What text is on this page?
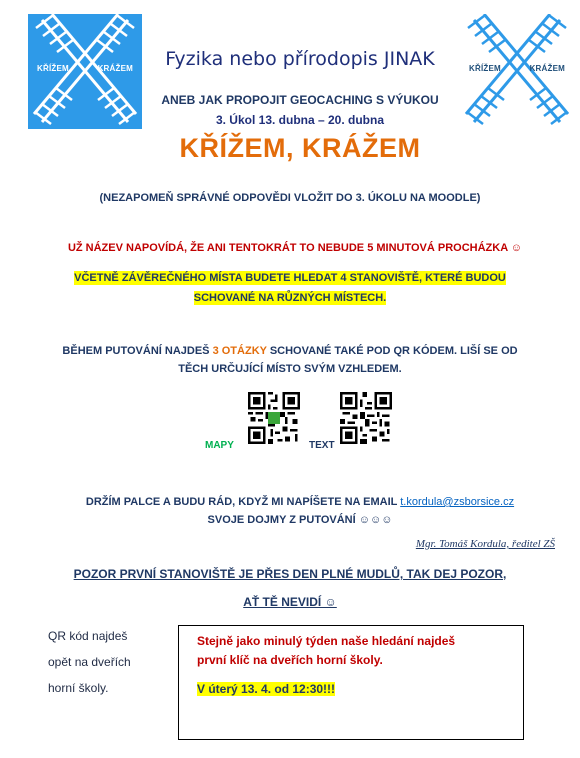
KŘÍŽEM	KRÁŽEM	KŘÍŽEM	KRÁŽEM
Fyzika nebo přírodopis JINAK
ANEB JAK PROPOJIT GEOCACHING S VÝUKOU
3. Úkol 13. dubna – 20. dubna
KŘÍŽEM, KRÁŽEM
(NEZAPOMEŇ SPRÁVNÉ ODPOVĚDI VLOŽIT DO 3. ÚKOLU NA MOODLE)
UŽ NÁZEV NAPOVÍDÁ, ŽE ANI TENTOKRÁT TO NEBUDE 5 MINUTOVÁ PROCHÁZKA ☺
VČETNĚ ZÁVĚREČNÉHO MÍSTA BUDETE HLEDAT 4 STANOVIŠTĚ, KTERÉ BUDOU
SCHOVANÉ NA RŮZNÝCH MÍSTECH.
BĚHEM PUTOVÁNÍ NAJDEŠ 3 OTÁZKY SCHOVANÉ TAKÉ POD QR KÓDEM. LIŠÍ SE OD
TĚCH URČUJÍCÍ MÍSTO SVÝM VZHLEDEM.
MAPY	TEXT
DRŽÍM PALCE A BUDU RÁD, KDYŽ MI NAPÍŠETE NA EMAIL t.kordula@zsborsice.cz
SVOJE DOJMY Z PUTOVÁNÍ ☺☺☺
Mgr. Tomáš Kordula, ředitel ZŠ
POZOR PRVNÍ STANOVIŠTĚ JE PŘES DEN PLNÉ MUDLŮ, TAK DEJ POZOR,
AŤ TĚ NEVIDÍ ☺
QR kód najdeš
opět na dveřích
horní školy.
Stejně jako minulý týden naše hledání najdeš
první klíč na dveřích horní školy.
V úterý 13. 4. od 12:30!!!
